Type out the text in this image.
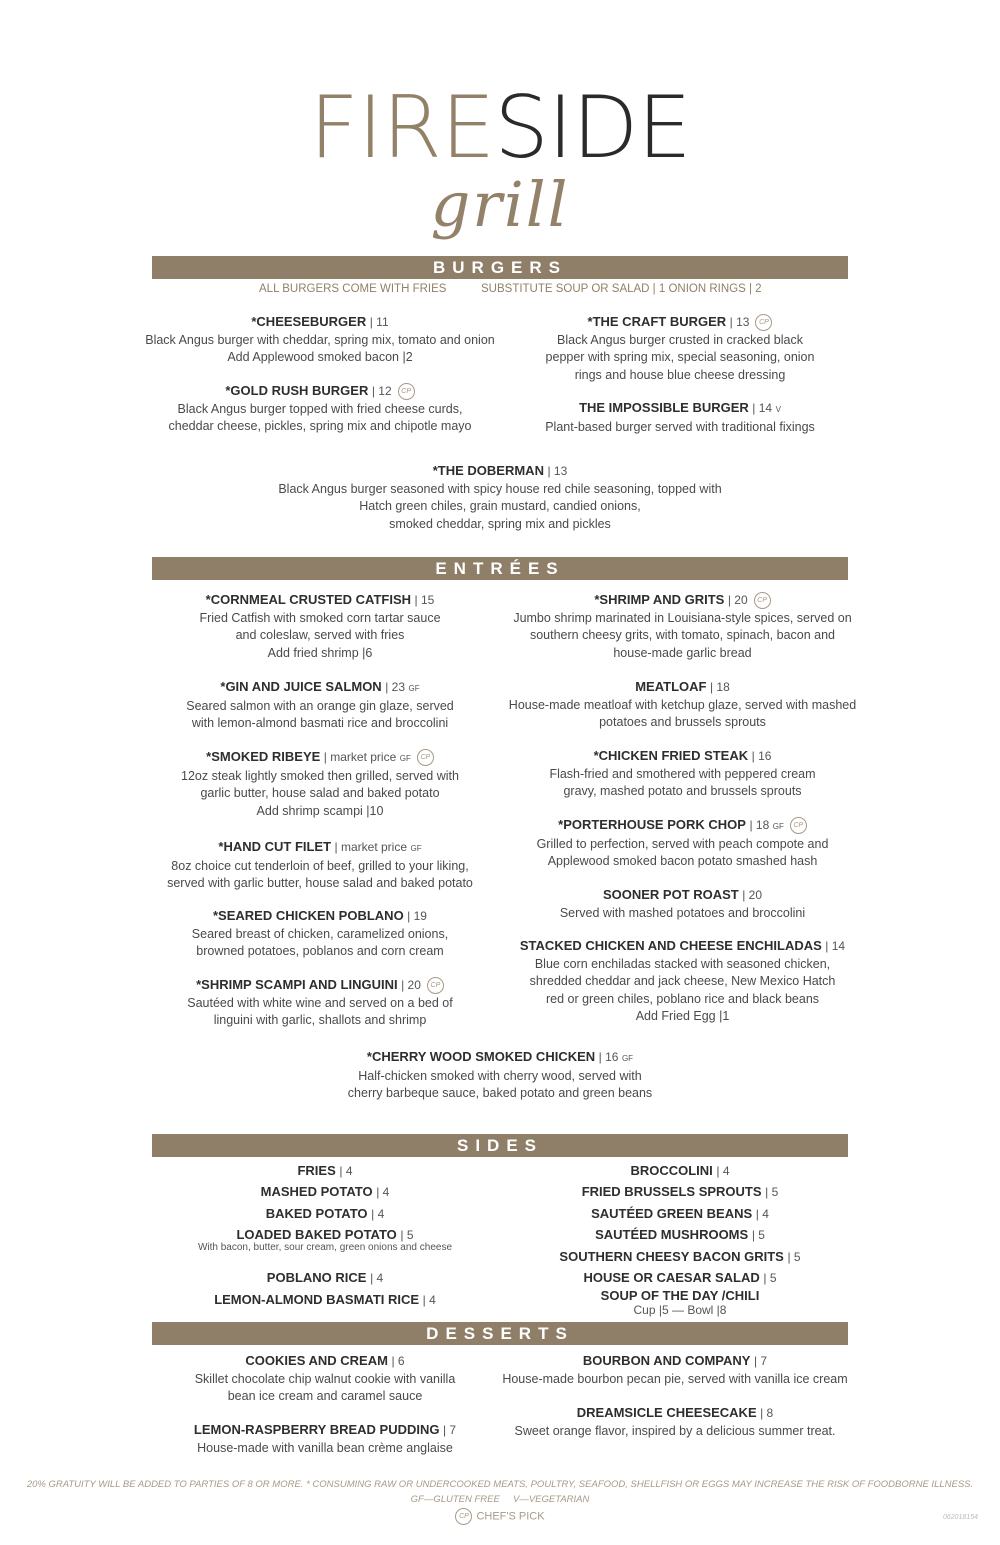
FIRESIDE
grill
BURGERS
ALL BURGERS COME WITH FRIES	SUBSTITUTE SOUP OR SALAD | 1 ONION RINGS | 2
*CHEESEBURGER | 11
Black Angus burger with cheddar, spring mix, tomato and onion
Add Applewood smoked bacon |2
*GOLD RUSH BURGER | 12 CP
Black Angus burger topped with fried cheese curds,
cheddar cheese, pickles, spring mix and chipotle mayo
*THE CRAFT BURGER | 13 CP
Black Angus burger crusted in cracked black
pepper with spring mix, special seasoning, onion
rings and house blue cheese dressing
THE IMPOSSIBLE BURGER | 14 V
Plant-based burger served with traditional fixings
*THE DOBERMAN | 13
Black Angus burger seasoned with spicy house red chile seasoning, topped with
Hatch green chiles, grain mustard, candied onions,
smoked cheddar, spring mix and pickles
ENTRÉES
*CORNMEAL CRUSTED CATFISH | 15
Fried Catfish with smoked corn tartar sauce
and coleslaw, served with fries
Add fried shrimp |6
*GIN AND JUICE SALMON | 23 GF
Seared salmon with an orange gin glaze, served
with lemon-almond basmati rice and broccolini
*SMOKED RIBEYE | market price GF CP
12oz steak lightly smoked then grilled, served with
garlic butter, house salad and baked potato
Add shrimp scampi |10
*HAND CUT FILET | market price GF
8oz choice cut tenderloin of beef, grilled to your liking,
served with garlic butter, house salad and baked potato
*SEARED CHICKEN POBLANO | 19
Seared breast of chicken, caramelized onions,
browned potatoes, poblanos and corn cream
*SHRIMP SCAMPI AND LINGUINI | 20 CP
Sautéed with white wine and served on a bed of
linguini with garlic, shallots and shrimp
*SHRIMP AND GRITS | 20 CP
Jumbo shrimp marinated in Louisiana-style spices, served on
southern cheesy grits, with tomato, spinach, bacon and
house-made garlic bread
MEATLOAF | 18
House-made meatloaf with ketchup glaze, served with mashed
potatoes and brussels sprouts
*CHICKEN FRIED STEAK | 16
Flash-fried and smothered with peppered cream
gravy, mashed potato and brussels sprouts
*PORTERHOUSE PORK CHOP | 18 GF CP
Grilled to perfection, served with peach compote and
Applewood smoked bacon potato smashed hash
SOONER POT ROAST | 20
Served with mashed potatoes and broccolini
STACKED CHICKEN AND CHEESE ENCHILADAS | 14
Blue corn enchiladas stacked with seasoned chicken,
shredded cheddar and jack cheese, New Mexico Hatch
red or green chiles, poblano rice and black beans
Add Fried Egg |1
*CHERRY WOOD SMOKED CHICKEN | 16 GF
Half-chicken smoked with cherry wood, served with
cherry barbeque sauce, baked potato and green beans
SIDES
FRIES | 4
MASHED POTATO | 4
BAKED POTATO | 4
LOADED BAKED POTATO | 5
With bacon, butter, sour cream, green onions and cheese
POBLANO RICE | 4
LEMON-ALMOND BASMATI RICE | 4
BROCCOLINI | 4
FRIED BRUSSELS SPROUTS | 5
SAUTÉED GREEN BEANS | 4
SAUTÉED MUSHROOMS | 5
SOUTHERN CHEESY BACON GRITS | 5
HOUSE OR CAESAR SALAD | 5
SOUP OF THE DAY /CHILI
Cup |5 — Bowl |8
DESSERTS
COOKIES AND CREAM | 6
Skillet chocolate chip walnut cookie with vanilla
bean ice cream and caramel sauce
LEMON-RASPBERRY BREAD PUDDING | 7
House-made with vanilla bean crème anglaise
BOURBON AND COMPANY | 7
House-made bourbon pecan pie, served with vanilla ice cream
DREAMSICLE CHEESECAKE | 8
Sweet orange flavor, inspired by a delicious summer treat.
20% GRATUITY WILL BE ADDED TO PARTIES OF 8 OR MORE. * CONSUMING RAW OR UNDERCOOKED MEATS, POULTRY, SEAFOOD, SHELLFISH OR EGGS MAY INCREASE THE RISK OF FOODBORNE ILLNESS.
GF—GLUTEN FREE     V—VEGETARIAN
CP CHEF'S PICK	062018154
